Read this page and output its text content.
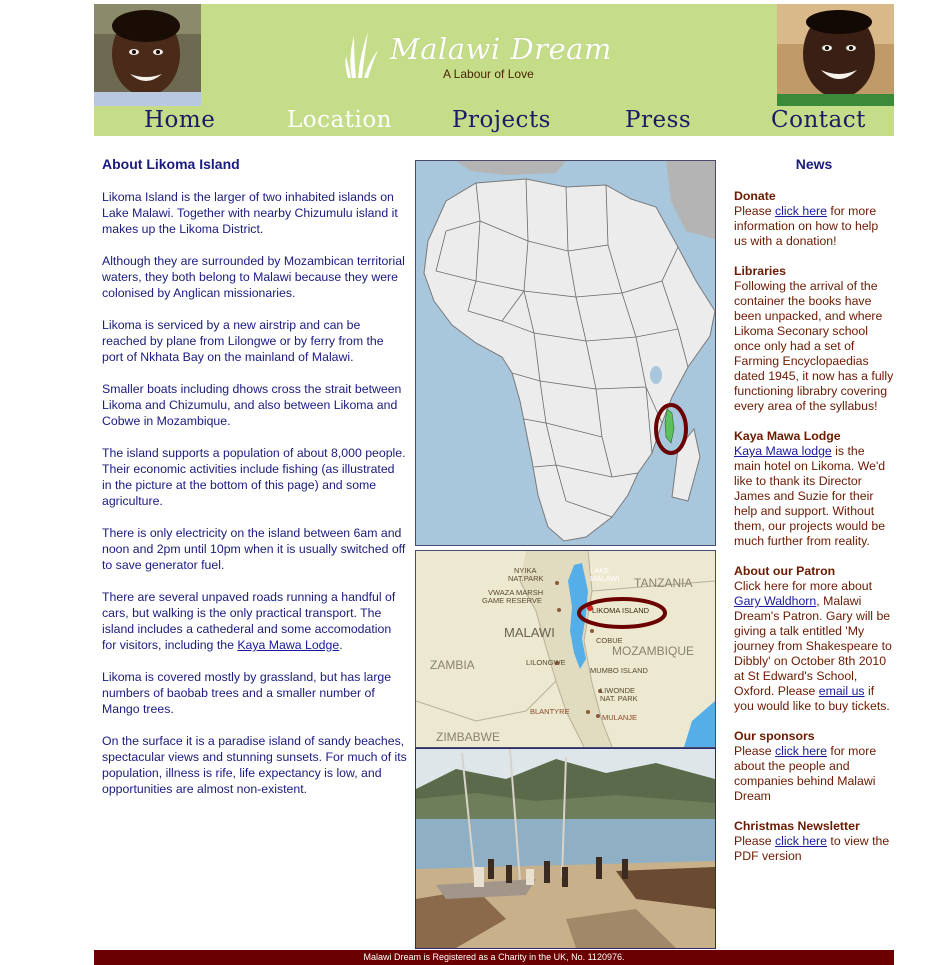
Malawi Dream
A Labour of Love
Home	Location	Projects	Press	Contact
About Likoma Island

Likoma Island is the larger of two inhabited islands on Lake Malawi. Together with nearby Chizumulu island it makes up the Likoma District.

Although they are surrounded by Mozambican territorial waters, they both belong to Malawi because they were colonised by Anglican missionaries.

Likoma is serviced by a new airstrip and can be reached by plane from Lilongwe or by ferry from the port of Nkhata Bay on the mainland of Malawi.

Smaller boats including dhows cross the strait between Likoma and Chizumulu, and also between Likoma and Cobwe in Mozambique.

The island supports a population of about 8,000 people. Their economic activities include fishing (as illustrated in the picture at the bottom of this page) and some agriculture.

There is only electricity on the island between 6am and noon and 2pm until 10pm when it is usually switched off to save generator fuel.

There are several unpaved roads running a handful of cars, but walking is the only practical transport. The island includes a cathederal and some accomodation for visitors, including the Kaya Mawa Lodge.

Likoma is covered mostly by grassland, but has large numbers of baobab trees and a smaller number of Mango trees.

On the surface it is a paradise island of sandy beaches, spectacular views and stunning sunsets. For much of its population, illness is rife, life expectancy is low, and opportunities are almost non-existent.

NYIKA
NAT.PARK
VWAZA MARSH
GAME RESERVE
COBUE
LILONGWE
MUMBO ISLAND
LIWONDE
NAT. PARK
BLANTYRE
MULANJE
LIKOMA ISLAND
LAKE
MALAWI TANZANIA
MOZAMBIQUE
ZAMBIA
ZIMBABWE
MALAWI
News
Donate
Please click here for more information on how to help us with a donation!
Libraries
Following the arrival of the container the books have been unpacked, and where Likoma Seconary school once only had a set of Farming Encyclopaedias dated 1945, it now has a fully functioning librabry covering every area of the syllabus!
Kaya Mawa Lodge
Kaya Mawa lodge is the main hotel on Likoma. We'd like to thank its Director James and Suzie for their help and support. Without them, our projects would be much further from reality.
About our Patron
Click here for more about Gary Waldhorn, Malawi Dream's Patron. Gary will be giving a talk entitled 'My journey from Shakespeare to Dibbly' on October 8th 2010 at St Edward's School, Oxford. Please email us if you would like to buy tickets.
Our sponsors
Please click here for more about the people and companies behind Malawi Dream
Christmas Newsletter
Please click here to view the PDF version
Malawi Dream is Registered as a Charity in the UK, No. 1120976.
